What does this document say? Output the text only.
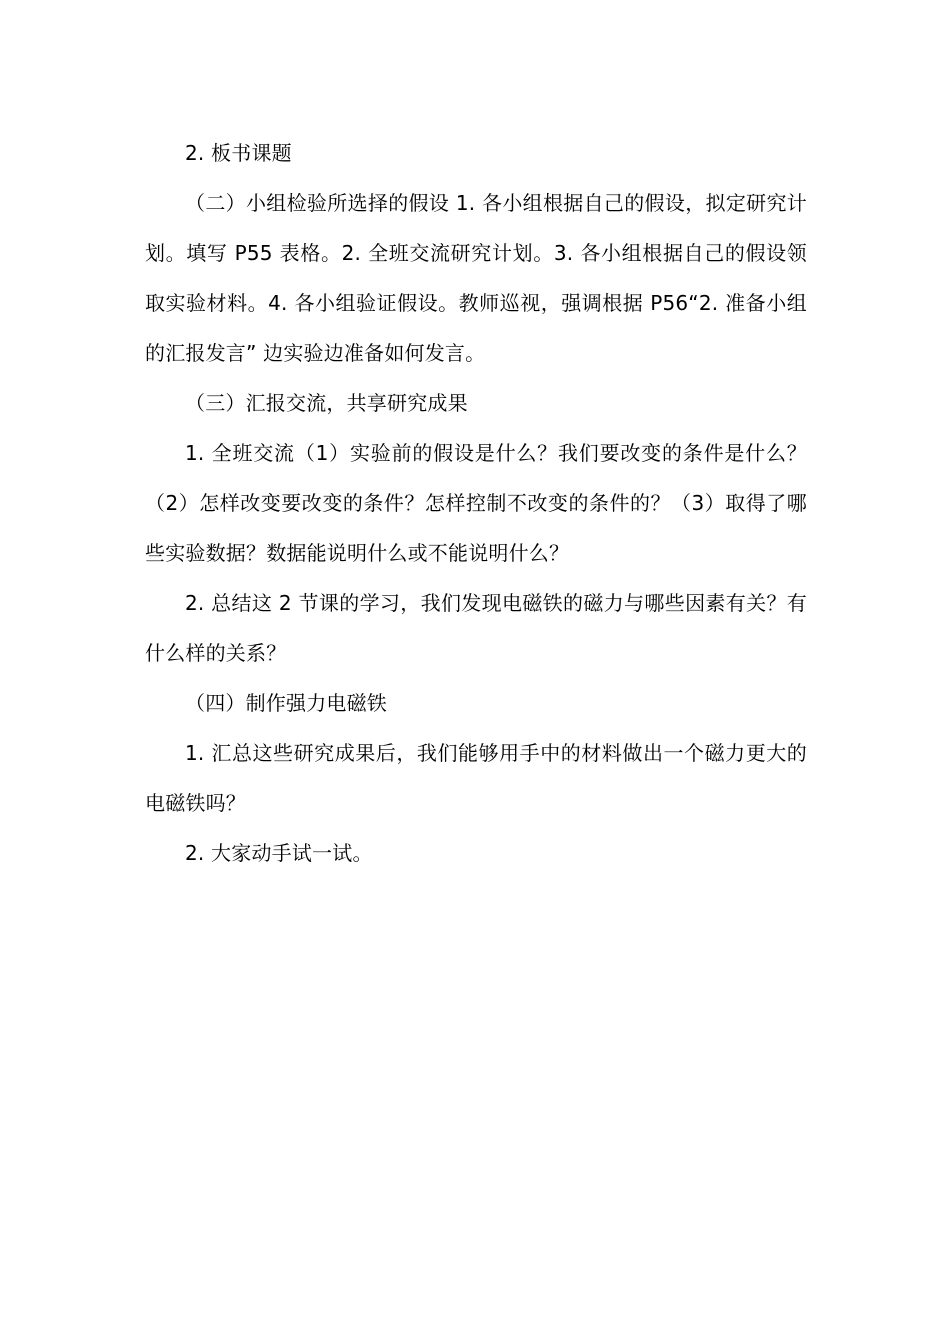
2. 板书课题

（二）小组检验所选择的假设 1. 各小组根据自己的假设，拟定研究计划。填写 P55 表格。2. 全班交流研究计划。3. 各小组根据自己的假设领取实验材料。4. 各小组验证假设。教师巡视，强调根据 P56“2. 准备小组的汇报发言” 边实验边准备如何发言。

（三）汇报交流，共享研究成果

1. 全班交流（1）实验前的假设是什么？我们要改变的条件是什么？（2）怎样改变要改变的条件？怎样控制不改变的条件的？（3）取得了哪些实验数据？数据能说明什么或不能说明什么？

2. 总结这 2 节课的学习，我们发现电磁铁的磁力与哪些因素有关？有什么样的关系？

（四）制作强力电磁铁

1. 汇总这些研究成果后，我们能够用手中的材料做出一个磁力更大的电磁铁吗？

2. 大家动手试一试。
